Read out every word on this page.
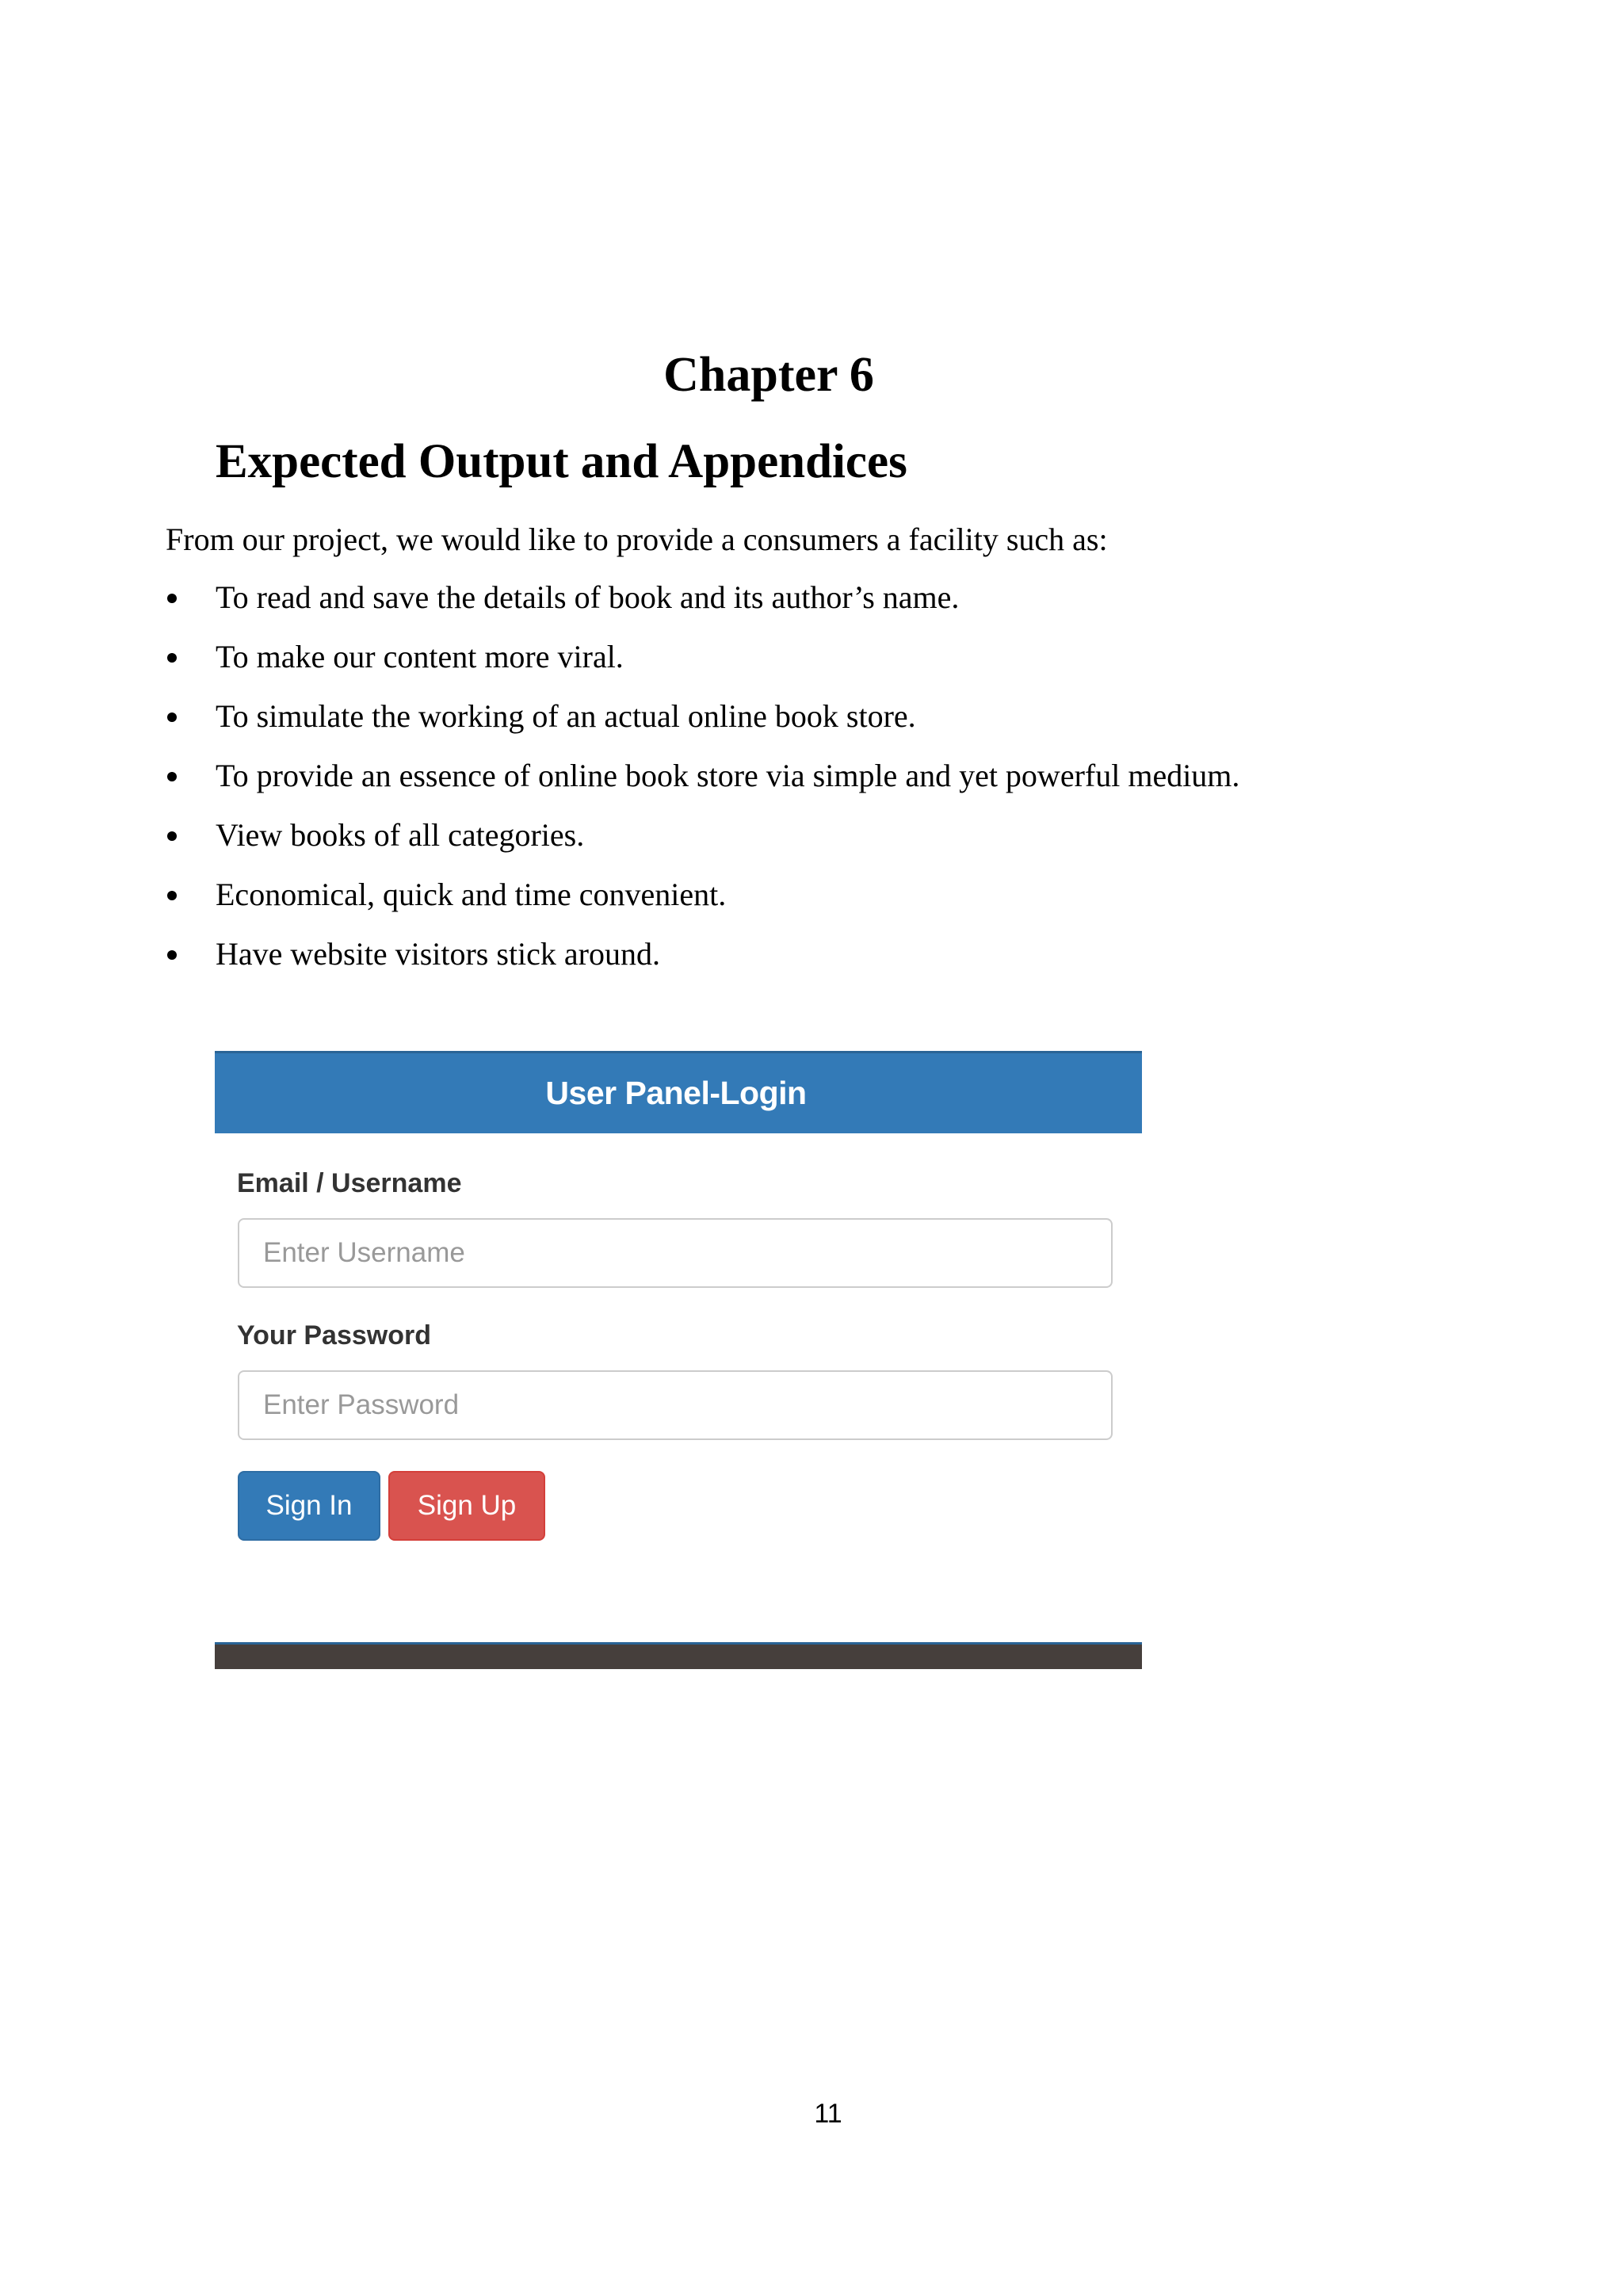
Chapter 6
Expected Output and Appendices

From our project, we would like to provide a consumers a facility such as:

To read and save the details of book and its author’s name.
To make our content more viral.
To simulate the working of an actual online book store.
To provide an essence of online book store via simple and yet powerful medium.
View books of all categories.
Economical, quick and time convenient.
Have website visitors stick around.
User Panel-Login
Email / Username
Enter Username
Your Password
Sign In	Sign Up
11
